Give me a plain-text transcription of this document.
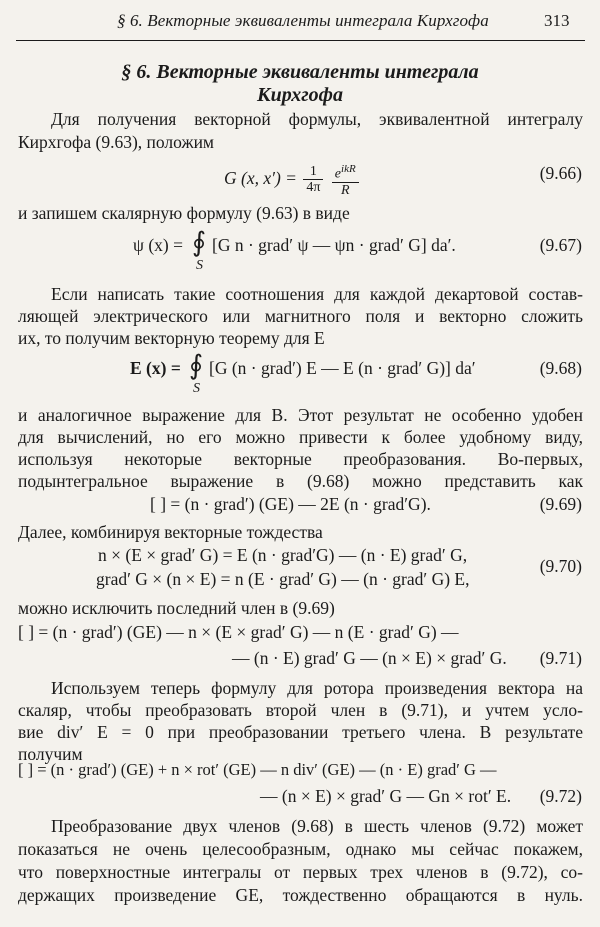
§ 6. Векторные эквиваленты интеграла Кирхгофа	313
§ 6. Векторные эквиваленты интеграла
Кирхгофа
Для получения векторной формулы, эквивалентной интегралу
Кирхгофа (9.63), положим
G (x, $x') = \frac{1}{4\pi}$
$\frac{e^{ikR}}{R}$	(9.66)
и запишем скалярную формулу (9.63) в виде
ψ (x) = ∮
S
[G n · grad′ ψ — ψn · grad′ G] da′.	(9.67)
Если написать такие соотношения для каждой декартовой состав-
ляющей электрического или магнитного поля и векторно сложить
их, то получим векторную теорему для E
E (x) = ∮
S
[G (n · grad′) E — E (n · grad′ G)] da′	(9.68)
и аналогичное выражение для B. Этот результат не особенно удобен
для вычислений, но его можно привести к более удобному виду,
используя некоторые векторные преобразования. Во-первых,
подынтегральное выражение в (9.68) можно представить как
[ ] = (n · grad′) (GE) — 2E (n · grad′G).	(9.69)
Далее, комбинируя векторные тождества
n × (E × grad′ G) = E (n · grad′G) — (n · E) grad′ G,
grad′ G × (n × E) = n (E · grad′ G) — (n · grad′ G) E,
(9.70)
можно исключить последний член в (9.69)
[ ] = (n · grad′) (GE) — n × (E × grad′ G) — n (E · grad′ G) —
— (n · E) grad′ G — (n × E) × grad′ G. (9.71)
Используем теперь формулу для ротора произведения вектора на
скаляр, чтобы преобразовать второй член в (9.71), и учтем усло-
вие div′ E = 0 при преобразовании третьего члена. В результате
получим
[ ] = (n · grad′) (GE) + n × rot′ (GE) — n div′ (GE) — (n · E) grad′ G —
— (n × E) × grad′ G — Gn × rot′ E. (9.72)
Преобразование двух членов (9.68) в шесть членов (9.72) может
показаться не очень целесообразным, однако мы сейчас покажем,
что поверхностные интегралы от первых трех членов в (9.72), со-
держащих произведение GE, тождественно обращаются в нуль.
